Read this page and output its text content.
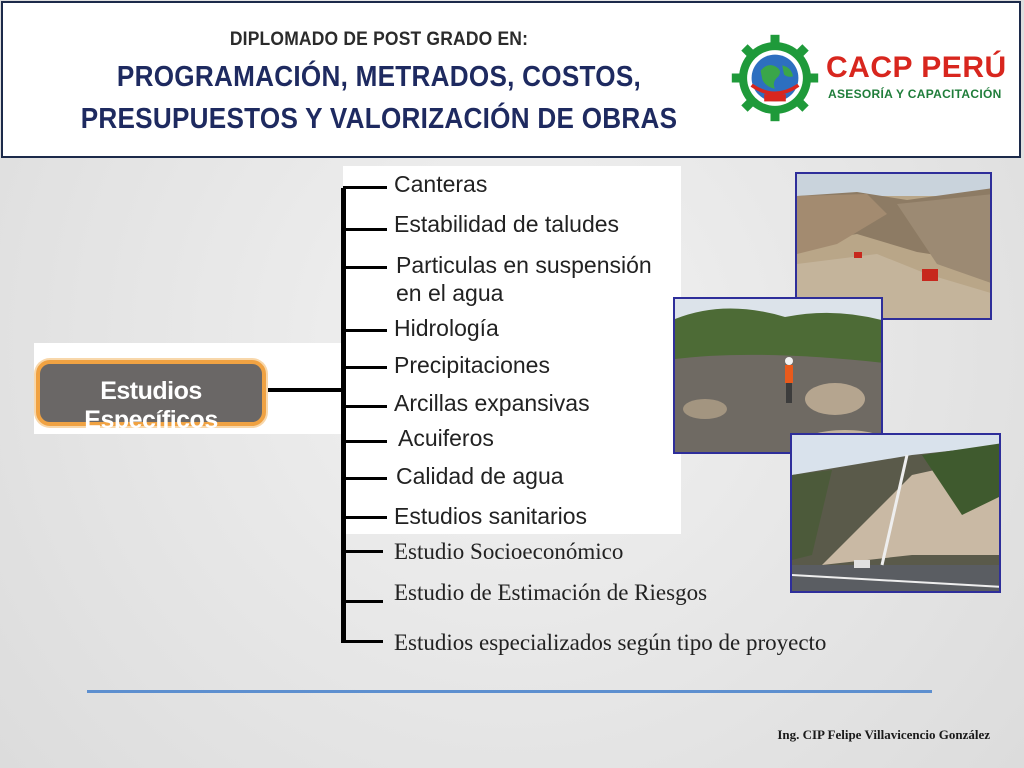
DIPLOMADO DE POST GRADO EN:
PROGRAMACIÓN, METRADOS, COSTOS,
PRESUPUESTOS Y VALORIZACIÓN DE OBRAS
CACP PERÚ
ASESORÍA Y CAPACITACIÓN
Estudios Específicos
Canteras
Estabilidad de taludes
Particulas en suspensión
en el agua
Hidrología
Precipitaciones
Arcillas expansivas
Acuiferos
Calidad de agua
Estudios sanitarios
Estudio Socioeconómico
Estudio de Estimación de Riesgos
Estudios especializados según tipo de proyecto
Ing. CIP Felipe Villavicencio González
